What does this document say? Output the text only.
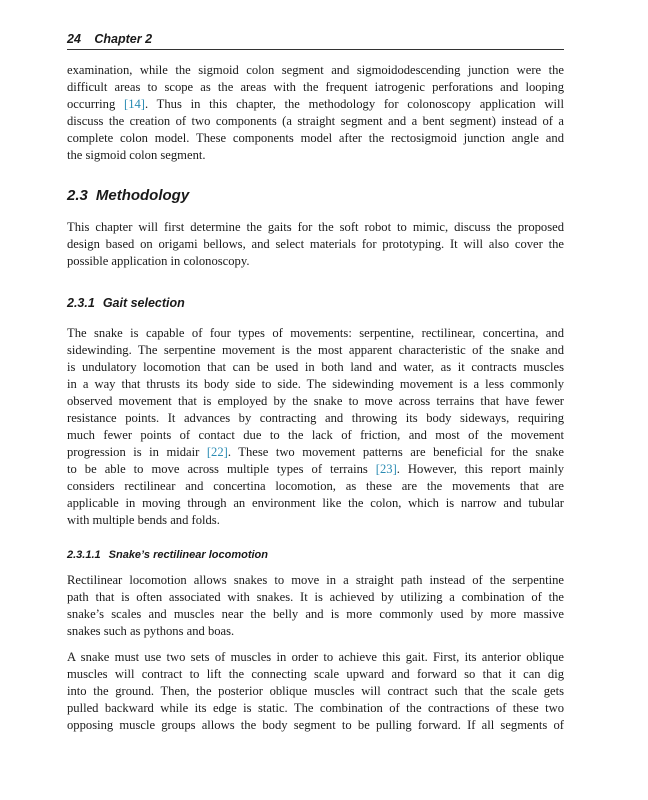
24 Chapter 2

examination, while the sigmoid colon segment and sigmoidodescending junction were the
difficult areas to scope as the areas with the frequent iatrogenic perforations and looping
occurring [14]. Thus in this chapter, the methodology for colonoscopy application will
discuss the creation of two components (a straight segment and a bent segment) instead of a
complete colon model. These components model after the rectosigmoid junction angle and
the sigmoid colon segment.

2.3 Methodology

This chapter will first determine the gaits for the soft robot to mimic, discuss the proposed
design based on origami bellows, and select materials for prototyping. It will also cover the
possible application in colonoscopy.

2.3.1 Gait selection

The snake is capable of four types of movements: serpentine, rectilinear, concertina, and
sidewinding. The serpentine movement is the most apparent characteristic of the snake and
is undulatory locomotion that can be used in both land and water, as it contracts muscles
in a way that thrusts its body side to side. The sidewinding movement is a less commonly
observed movement that is employed by the snake to move across terrains that have fewer
resistance points. It advances by contracting and throwing its body sideways, requiring
much fewer points of contact due to the lack of friction, and most of the movement
progression is in midair [22]. These two movement patterns are beneficial for the snake
to be able to move across multiple types of terrains [23]. However, this report mainly
considers rectilinear and concertina locomotion, as these are the movements that are
applicable in moving through an environment like the colon, which is narrow and tubular
with multiple bends and folds.

2.3.1.1 Snake’s rectilinear locomotion

Rectilinear locomotion allows snakes to move in a straight path instead of the serpentine
path that is often associated with snakes. It is achieved by utilizing a combination of the
snake’s scales and muscles near the belly and is more commonly used by more massive
snakes such as pythons and boas.

A snake must use two sets of muscles in order to achieve this gait. First, its anterior oblique
muscles will contract to lift the connecting scale upward and forward so that it can dig
into the ground. Then, the posterior oblique muscles will contract such that the scale gets
pulled backward while its edge is static. The combination of the contractions of these two
opposing muscle groups allows the body segment to be pulling forward. If all segments of
